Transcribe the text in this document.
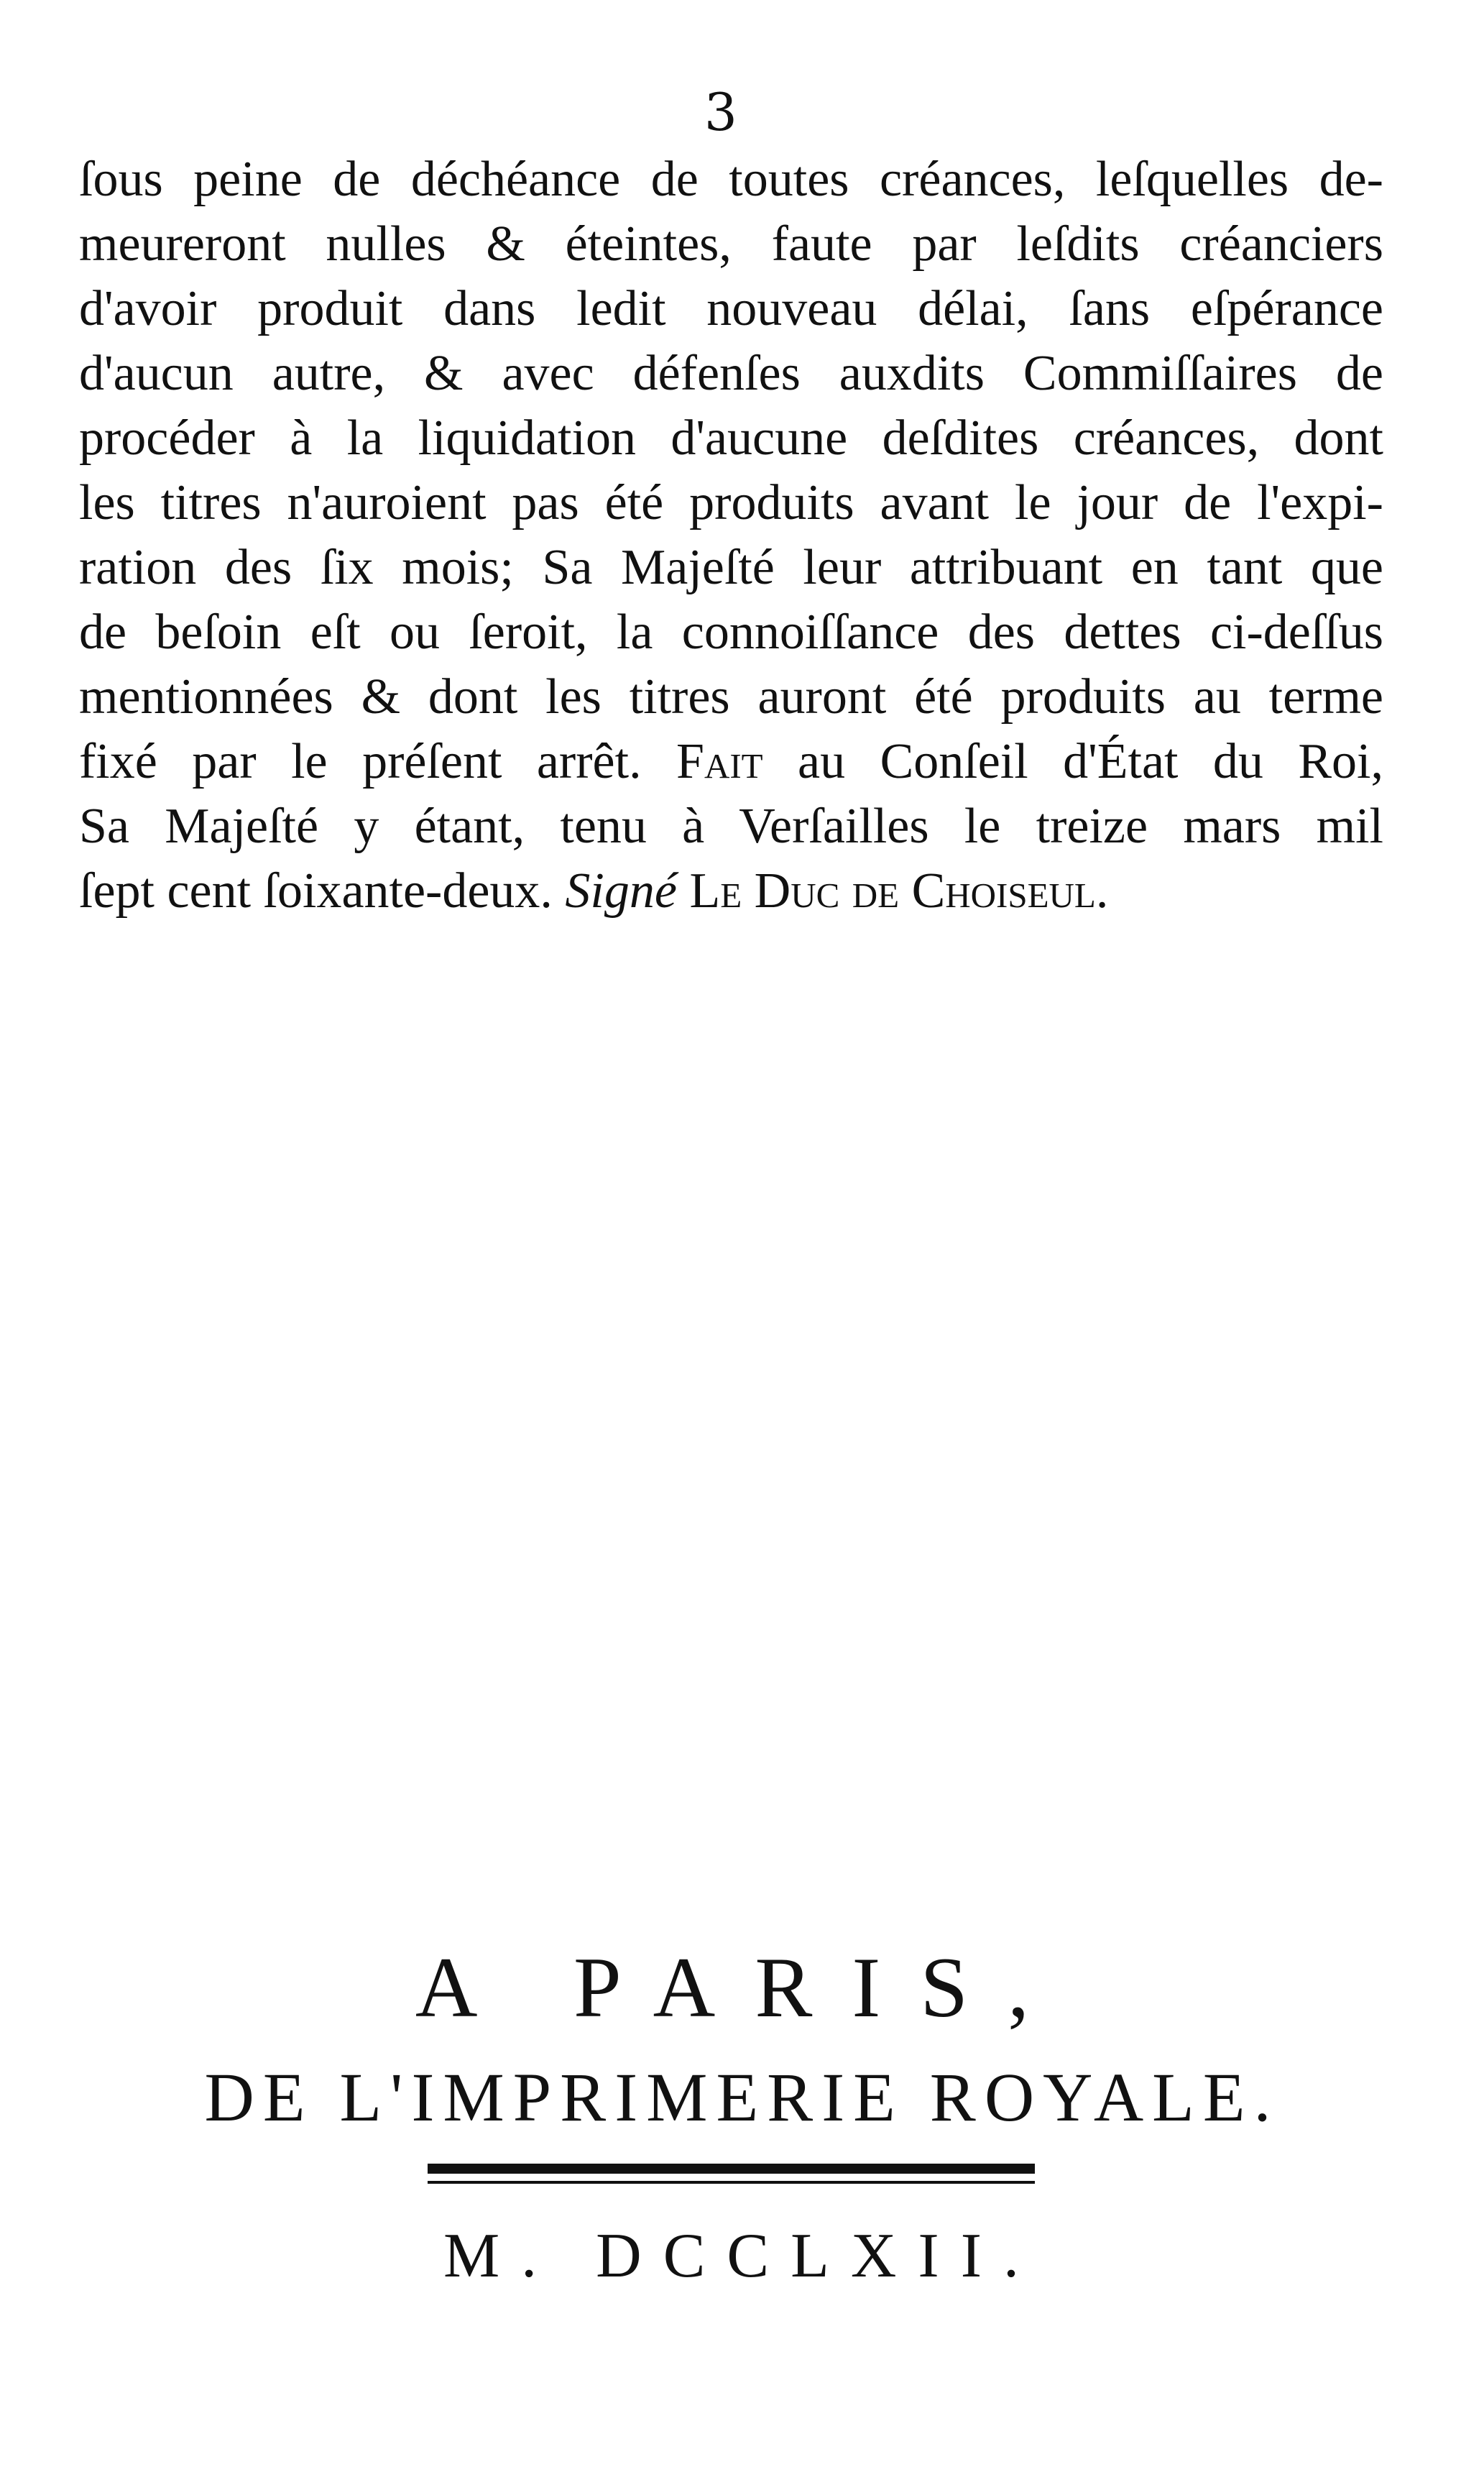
3
ſous peine de déchéance de toutes créances, leſquelles de-
meureront nulles & éteintes, faute par leſdits créanciers
d'avoir produit dans ledit nouveau délai, ſans eſpérance
d'aucun autre, & avec défenſes auxdits Commiſſaires de
procéder à la liquidation d'aucune deſdites créances, dont
les titres n'auroient pas été produits avant le jour de l'expi-
ration des ſix mois; Sa Majeſté leur attribuant en tant que
de beſoin eſt ou ſeroit, la connoiſſance des dettes ci-deſſus
mentionnées & dont les titres auront été produits au terme
fixé par le préſent arrêt. Fait au Conſeil d'État du Roi,
Sa Majeſté y étant, tenu à Verſailles le treize mars mil
ſept cent ſoixante-deux. Signé Le Duc de Choiseul.
A PARIS,
DE L'IMPRIMERIE ROYALE.
M. DCCLXII.
